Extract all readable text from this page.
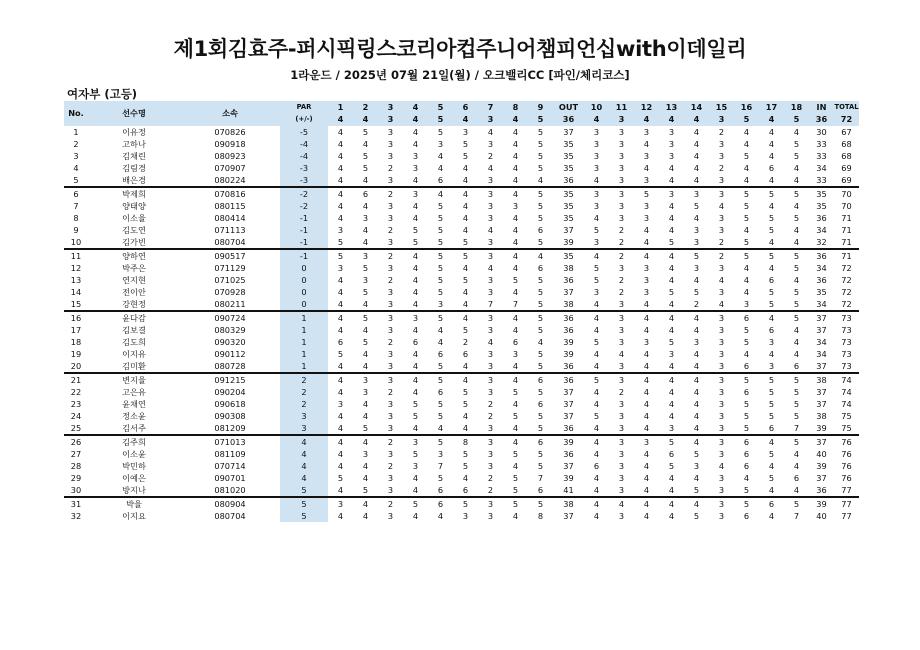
제1회김효주-퍼시픽링스코리아컵주니어챔피언십with이데일리
1라운드 / 2025년 07월 21일(월) / 오크밸리CC [파인/체리코스]
여자부 (고등)
No.	선수명	소속	PAR	1	2	3	4	5	6	7	8	9	OUT	10	11	12	13	14	15	16	17	18	IN	TOTAL
			(+/-)	4	4	3	4	5	4	3	4	5	36	4	3	4	4	4	3	5	4	5	36	72
1	이유정	070826	-5	4	5	3	4	5	3	4	4	5	37	3	3	3	3	4	2	4	4	4	30	67
2	고하나	090918	-4	4	4	3	4	3	5	3	4	5	35	3	3	4	3	4	3	4	4	5	33	68
3	김채린	080923	-4	4	5	3	3	4	5	2	4	5	35	3	3	3	3	4	3	5	4	5	33	68
4	김림경	070907	-3	4	5	2	3	4	4	4	4	5	35	3	3	4	4	4	2	4	6	4	34	69
5	배은경	080224	-3	4	4	3	4	6	4	3	4	4	36	4	3	3	4	4	3	4	4	4	33	69
6	박제희	070816	-2	4	6	2	3	4	4	3	4	5	35	3	3	5	3	3	3	5	5	5	35	70
7	양태양	080115	-2	4	4	3	4	5	4	3	3	5	35	3	3	3	4	5	4	5	4	4	35	70
8	이소율	080414	-1	4	3	3	4	5	4	3	4	5	35	4	3	3	4	4	3	5	5	5	36	71
9	김도연	071113	-1	3	4	2	5	5	4	4	4	6	37	5	2	4	4	3	3	4	5	4	34	71
10	김가빈	080704	-1	5	4	3	5	5	5	3	4	5	39	3	2	4	5	3	2	5	4	4	32	71
11	양하연	090517	-1	5	3	2	4	5	5	3	4	4	35	4	2	4	4	5	2	5	5	5	36	71
12	박주은	071129	0	3	5	3	4	5	4	4	4	6	38	5	3	3	4	3	3	4	4	5	34	72
13	연지현	071025	0	4	3	2	4	5	5	3	5	5	36	5	2	3	4	4	4	4	6	4	36	72
14	전이안	070928	0	4	5	3	4	5	4	3	4	5	37	3	2	3	5	5	3	4	5	5	35	72
15	강현정	080211	0	4	4	3	4	3	4	7	7	5	38	4	3	4	4	2	4	3	5	5	34	72
16	윤다감	090724	1	4	5	3	3	5	4	3	4	5	36	4	3	4	4	4	3	6	4	5	37	73
17	김보결	080329	1	4	4	3	4	4	5	3	4	5	36	4	3	4	4	4	3	5	6	4	37	73
18	김도희	090320	1	6	5	2	6	4	2	4	6	4	39	5	3	3	5	3	3	5	3	4	34	73
19	이지유	090112	1	5	4	3	4	6	6	3	3	5	39	4	4	4	3	4	3	4	4	4	34	73
20	김미환	080728	1	4	4	3	4	5	4	3	4	5	36	4	3	4	4	4	3	6	3	6	37	73
21	변지율	091215	2	4	3	3	4	5	4	3	4	6	36	5	3	4	4	4	3	5	5	5	38	74
22	고은유	090204	2	4	3	2	4	6	5	3	5	5	37	4	2	4	4	4	3	6	5	5	37	74
23	윤채연	090618	2	3	4	3	5	5	5	2	4	6	37	4	3	4	4	4	3	5	5	5	37	74
24	정소윤	090308	3	4	4	3	5	5	4	2	5	5	37	5	3	4	4	4	3	5	5	5	38	75
25	김서주	081209	3	4	5	3	4	4	4	3	4	5	36	4	3	4	3	4	3	5	6	7	39	75
26	김주희	071013	4	4	4	2	3	5	8	3	4	6	39	4	3	3	5	4	3	6	4	5	37	76
27	이소윤	081109	4	4	3	3	5	3	5	3	5	5	36	4	3	4	6	5	3	6	5	4	40	76
28	박민하	070714	4	4	4	2	3	7	5	3	4	5	37	6	3	4	5	3	4	6	4	4	39	76
29	이예은	090701	4	5	4	3	4	5	4	2	5	7	39	4	3	4	4	4	3	4	5	6	37	76
30	방지나	081020	5	4	5	3	4	6	6	2	5	6	41	4	3	4	4	5	3	5	4	4	36	77
31	박율	080904	5	3	4	2	5	6	5	3	5	5	38	4	4	4	4	4	3	5	6	5	39	77
32	이지요	080704	5	4	4	3	4	4	3	3	4	8	37	4	3	4	4	5	3	6	4	7	40	77
